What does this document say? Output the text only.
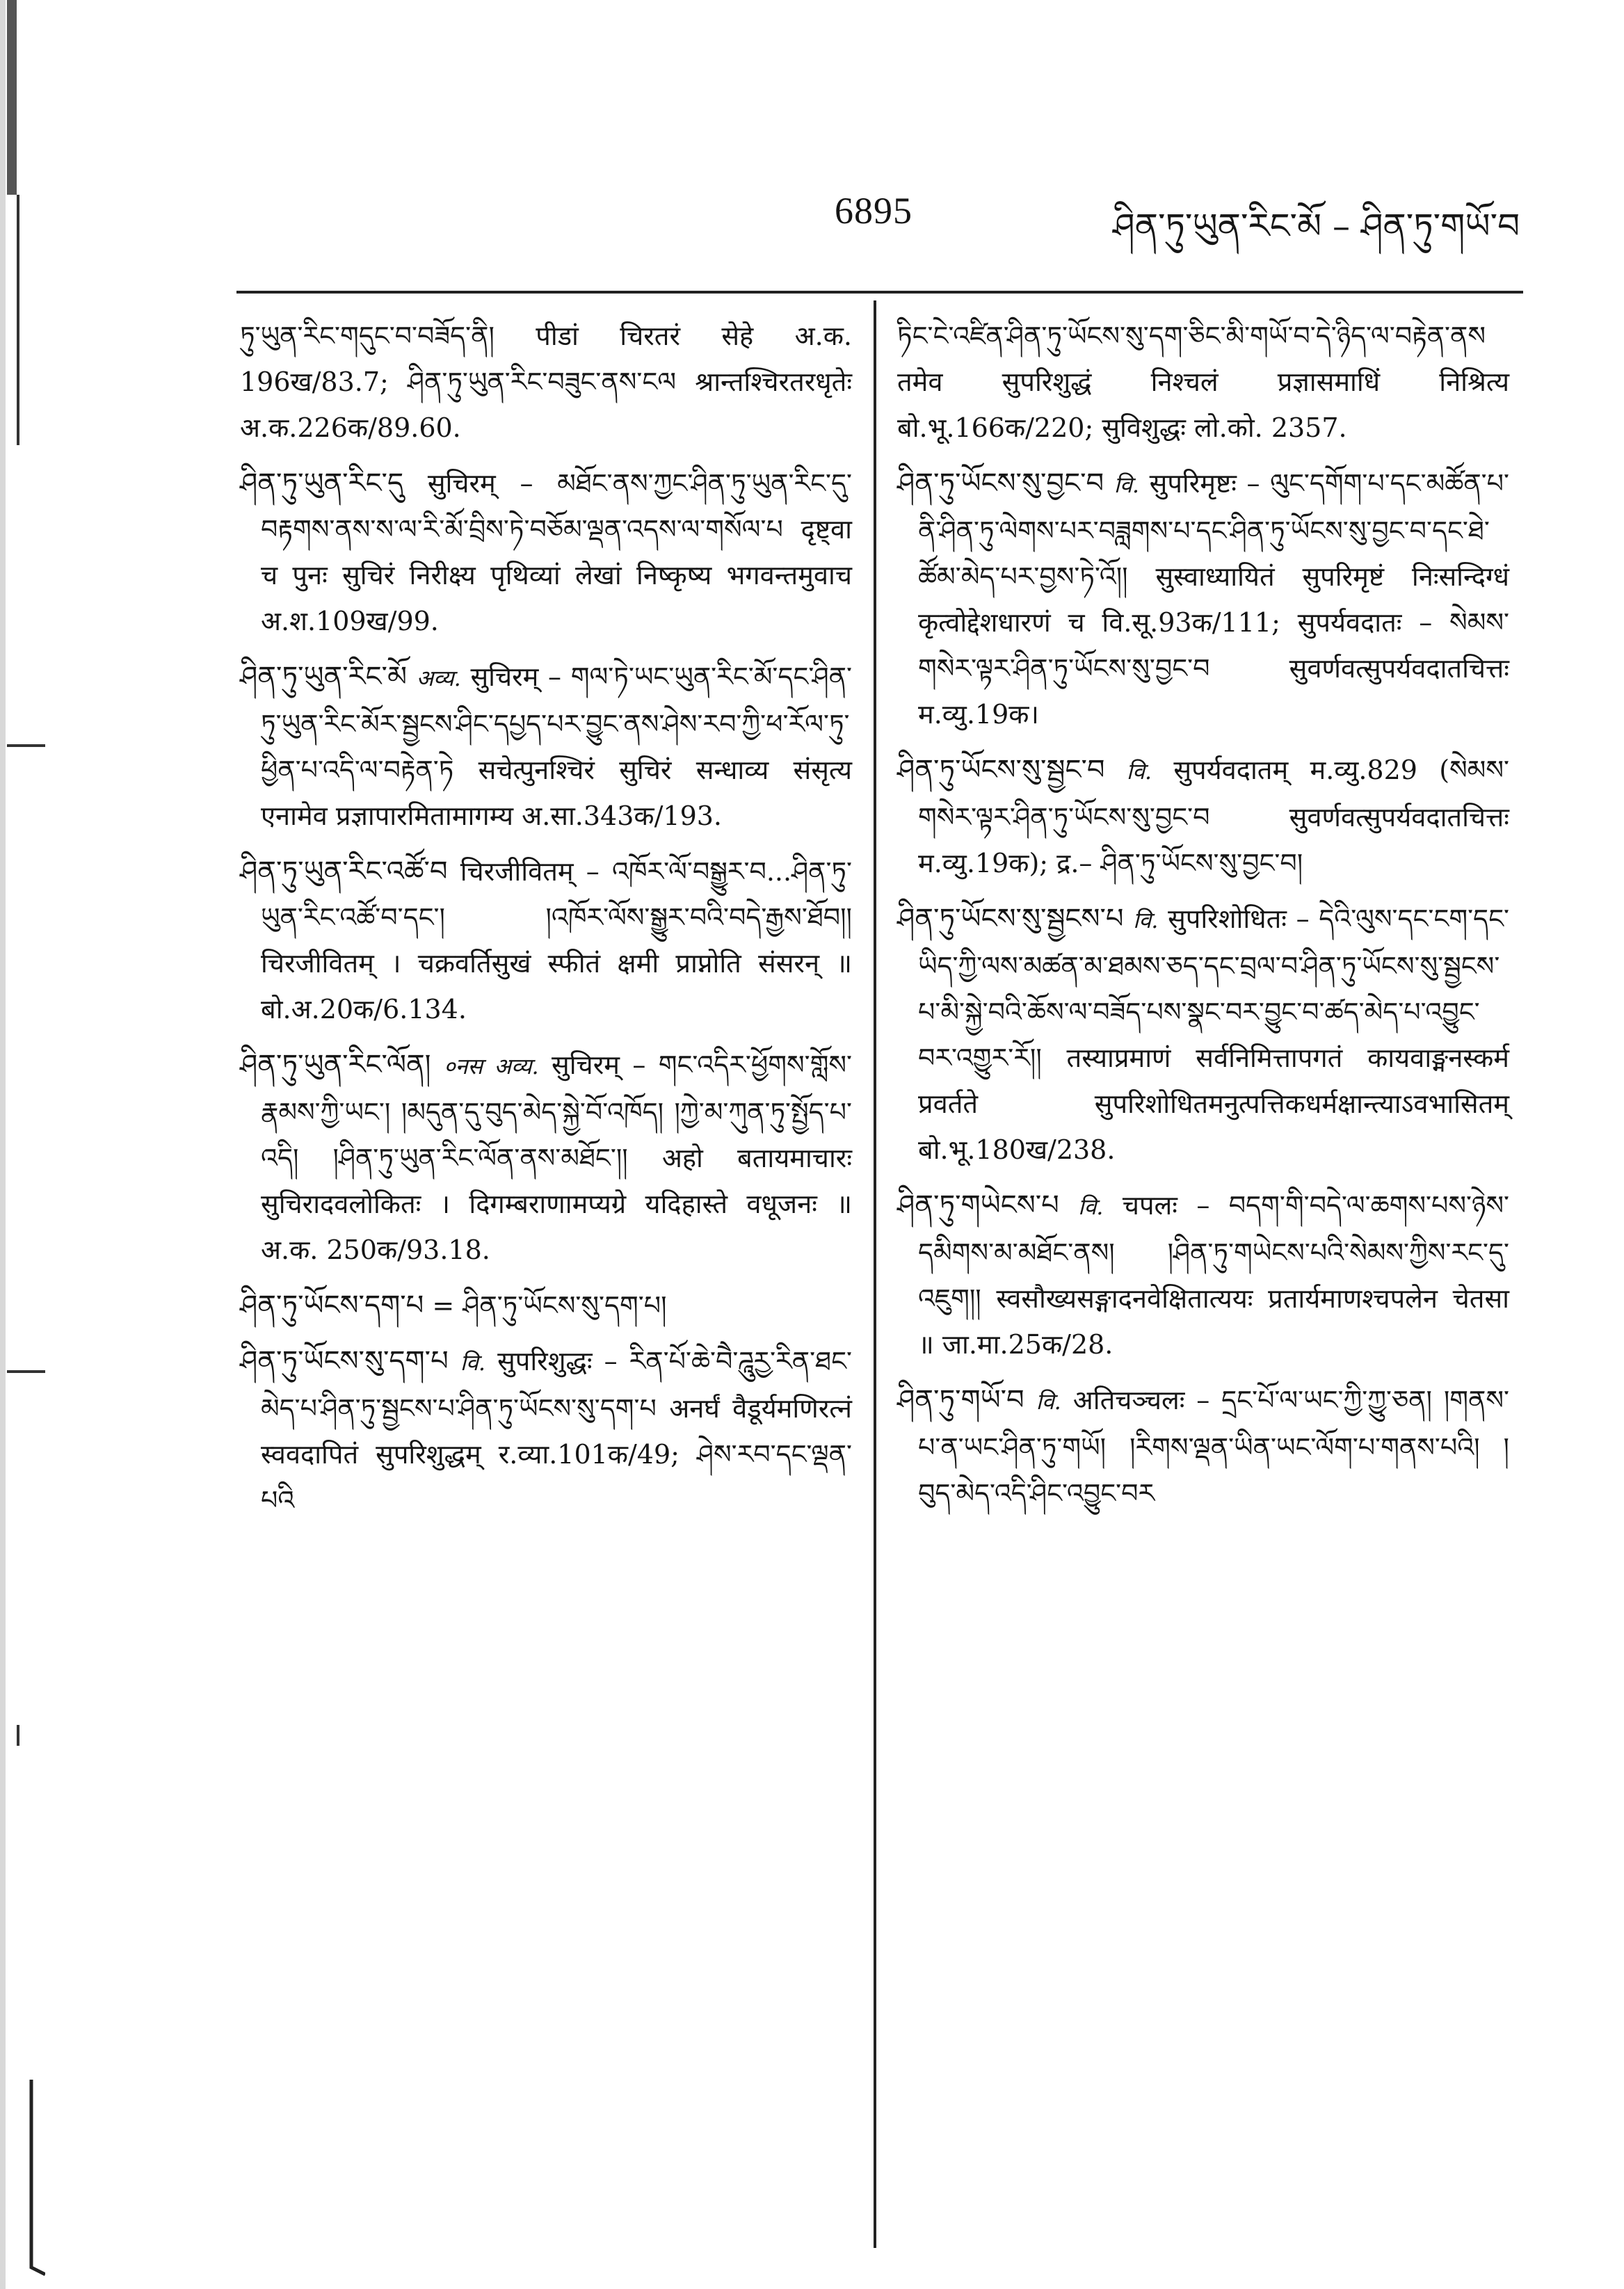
6895	ཤིན་ཏུ་ཡུན་རིང་མོ – ཤིན་ཏུ་གཡོ་བ

ཏུ་ཡུན་རིང་གདུང་བ་བཟོད་ནི། पीडां चिरतरं सेहे अ.क. 196ख/83.7; ཤིན་ཏུ་ཡུན་རིང་བཟུང་ནས་ངལ श्रान्तश्चिरतरधृतेः अ.क.226क/89.60.

ཤིན་ཏུ་ཡུན་རིང་དུ सुचिरम् – མཐོང་ནས་ཀྱང་ཤིན་ཏུ་ཡུན་རིང་དུ་བརྟགས་ནས་ས་ལ་རི་མོ་བྲིས་ཏེ་བཅོམ་ལྡན་འདས་ལ་གསོལ་པ दृष्ट्वा च पुनः सुचिरं निरीक्ष्य पृथिव्यां लेखां निष्कृष्य भगवन्तमुवाच अ.श.109ख/99.

ཤིན་ཏུ་ཡུན་རིང་མོ अव्य. सुचिरम् – གལ་ཏེ་ཡང་ཡུན་རིང་མོ་དང་ཤིན་ཏུ་ཡུན་རིང་མོར་སྦྱངས་ཤིང་དཔྱད་པར་བྱུང་ནས་ཤེས་རབ་ཀྱི་ཕ་རོལ་ཏུ་ཕྱིན་པ་འདི་ལ་བརྟེན་ཏེ सचेत्पुनश्चिरं सुचिरं सन्धाव्य संसृत्य एनामेव प्रज्ञापारमितामागम्य अ.सा.343क/193.

ཤིན་ཏུ་ཡུན་རིང་འཚོ་བ चिरजीवितम् – འཁོར་ལོ་བསྒྱུར་བ...ཤིན་ཏུ་ཡུན་རིང་འཚོ་བ་དང་། །འཁོར་ལོས་སྒྱུར་བའི་བདེ་རྒྱས་ཐོབ།། चिरजीवितम् । चक्रवर्तिसुखं स्फीतं क्षमी प्राप्नोति संसरन् ॥ बो.अ.20क/6.134.

ཤིན་ཏུ་ཡུན་རིང་ལོན། ०नस अव्य. सुचिरम् – གང་འདིར་ཕྱོགས་གློས་རྣམས་ཀྱི་ཡང་། །མདུན་དུ་བུད་མེད་སྐྱེ་བོ་འཁོད། །ཀྱེ་མ་ཀུན་ཏུ་སྤྱོད་པ་འདི། །ཤིན་ཏུ་ཡུན་རིང་ལོན་ནས་མཐོང་།། अहो बतायमाचारः सुचिरादवलोकितः । दिगम्बराणामप्यग्रे यदिहास्ते वधूजनः ॥ अ.क. 250क/93.18.

ཤིན་ཏུ་ཡོངས་དག་པ = ཤིན་ཏུ་ཡོངས་སུ་དག་པ།

ཤིན་ཏུ་ཡོངས་སུ་དག་པ वि. सुपरिशुद्धः – རིན་པོ་ཆེ་བཻ་ཌཱུརྱ་རིན་ཐང་མེད་པ་ཤིན་ཏུ་སྦྱངས་པ་ཤིན་ཏུ་ཡོངས་སུ་དག་པ अनर्घं वैडूर्यमणिरत्नं स्ववदापितं सुपरिशुद्धम् र.व्या.101क/49; ཤེས་རབ་དང་ལྡན་པའི

ཏིང་ངེ་འཛིན་ཤིན་ཏུ་ཡོངས་སུ་དག་ཅིང་མི་གཡོ་བ་དེ་ཉིད་ལ་བརྟེན་ནས तमेव सुपरिशुद्धं निश्चलं प्रज्ञासमाधिं निश्रित्य बो.भू.166क/220; सुविशुद्धः लो.को. 2357.

ཤིན་ཏུ་ཡོངས་སུ་བྱང་བ वि. सुपरिमृष्टः – ལུང་དགོག་པ་དང་མཚོན་པ་ནི་ཤིན་ཏུ་ལེགས་པར་བཟླགས་པ་དང་ཤིན་ཏུ་ཡོངས་སུ་བྱང་བ་དང་ཐེ་ཚོམ་མེད་པར་བྱས་ཏེ་འོ།། सुस्वाध्यायितं सुपरिमृष्टं निःसन्दिग्धं कृत्वोद्देशधारणं च वि.सू.93क/111; सुपर्यवदातः – སེམས་གསེར་ལྟར་ཤིན་ཏུ་ཡོངས་སུ་བྱང་བ सुवर्णवत्सुपर्यवदातचित्तः म.व्यु.19क।

ཤིན་ཏུ་ཡོངས་སུ་སྦྱང་བ वि. सुपर्यवदातम् म.व्यु.829 (སེམས་གསེར་ལྟར་ཤིན་ཏུ་ཡོངས་སུ་བྱང་བ सुवर्णवत्सुपर्यवदातचित्तः म.व्यु.19क); द्र.– ཤིན་ཏུ་ཡོངས་སུ་བྱང་བ།

ཤིན་ཏུ་ཡོངས་སུ་སྦྱངས་པ वि. सुपरिशोधितः – དེའི་ལུས་དང་ངག་དང་ཡིད་ཀྱི་ལས་མཚན་མ་ཐམས་ཅད་དང་བྲལ་བ་ཤིན་ཏུ་ཡོངས་སུ་སྦྱངས་པ་མི་སྐྱེ་བའི་ཆོས་ལ་བཟོད་པས་སྣང་བར་བྱུང་བ་ཚད་མེད་པ་འབྱུང་བར་འགྱུར་རོ།། तस्याप्रमाणं सर्वनिमित्तापगतं कायवाङ्मनस्कर्म प्रवर्तते सुपरिशोधितमनुत्पत्तिकधर्मक्षान्त्याऽवभासितम् बो.भू.180ख/238.

ཤིན་ཏུ་གཡེངས་པ वि. चपलः – བདག་གི་བདེ་ལ་ཆགས་པས་ཉེས་དམིགས་མ་མཐོང་ནས། །ཤིན་ཏུ་གཡེངས་པའི་སེམས་ཀྱིས་རང་དུ་འཇུག།། स्वसौख्यसङ्गादनवेक्षितात्ययः प्रतार्यमाणश्चपलेन चेतसा ॥ जा.मा.25क/28.

ཤིན་ཏུ་གཡོ་བ वि. अतिचञ्चलः – དྲང་པོ་ལ་ཡང་ཀྱི་ཀྱུ་ཅན། །གནས་པ་ན་ཡང་ཤིན་ཏུ་གཡོ། །རིགས་ལྡན་ཡིན་ཡང་ལོག་པ་གནས་པའི། །བུད་མེད་འདི་ཤིང་འབྱུང་བར
